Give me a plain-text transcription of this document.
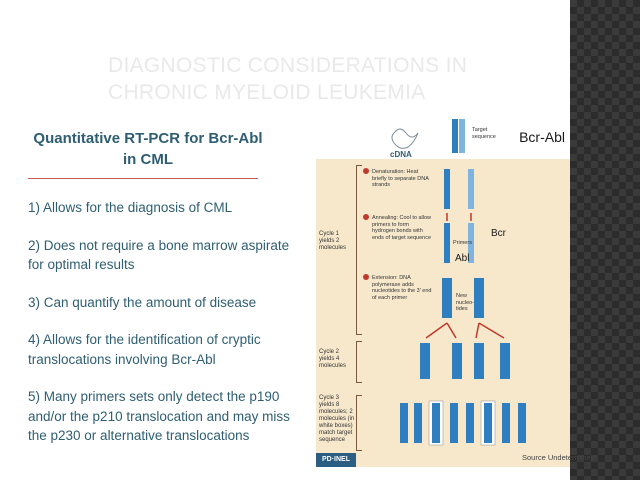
DIAGNOSTIC CONSIDERATIONS IN CHRONIC MYELOID LEUKEMIA
Quantitative RT-PCR for Bcr-Abl in CML
1) Allows for the diagnosis of CML
2) Does not require a bone marrow aspirate for optimal results
3) Can quantify the amount of disease
4) Allows for the identification of cryptic translocations involving Bcr-Abl
5) Many primers sets only detect the p190 and/or the p210 translocation and may miss the p230 or alternative translocations
Cycle 1 yields 2 molecules
Cycle 2 yields 4 molecules
Cycle 3 yields 8 molecules; 2 molecules (in white boxes) match target sequence
Target sequence
Denaturation: Heat briefly to separate DNA strands
Annealing: Cool to allow primers to form hydrogen bonds with ends of target sequence
Extension: DNA polymerase adds nucleotides to the 3' end of each primer
Primers
New nucleo-tides
cDNA
Bcr-Abl
Bcr
Abl
PD·INEL	Source Undetermined
